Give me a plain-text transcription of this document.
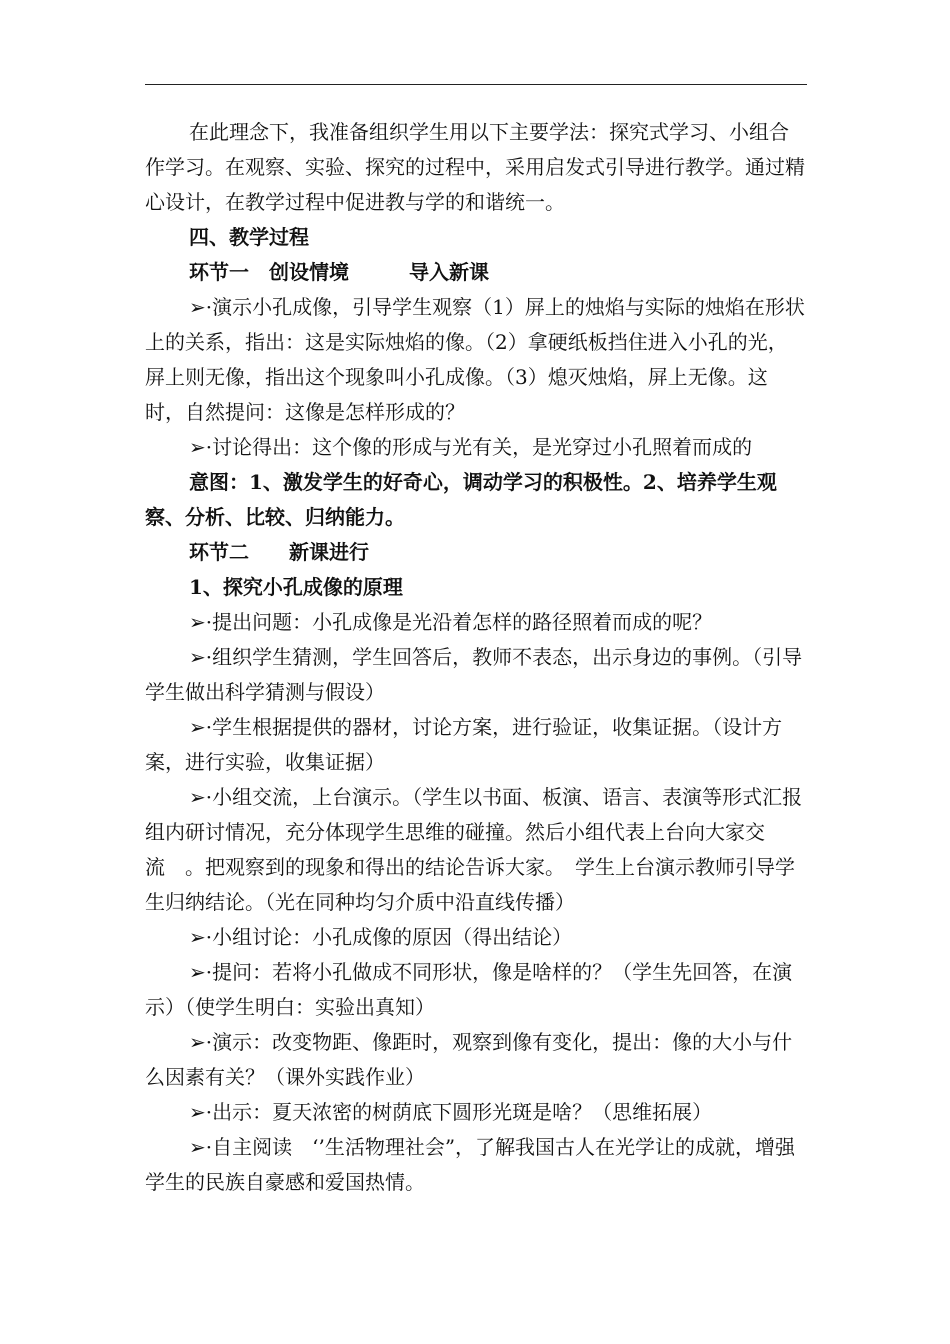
在此理念下，我准备组织学生用以下主要学法：探究式学习、小组合作学习。在观察、实验、探究的过程中，采用启发式引导进行教学。通过精心设计，在教学过程中促进教与学的和谐统一。

四、教学过程

环节一　创设情境　　　导入新课

➢·演示小孔成像，引导学生观察（1）屏上的烛焰与实际的烛焰在形状上的关系，指出：这是实际烛焰的像。（2）拿硬纸板挡住进入小孔的光，屏上则无像，指出这个现象叫小孔成像。（3）熄灭烛焰，屏上无像。这时，自然提问：这像是怎样形成的？

➢·讨论得出：这个像的形成与光有关，是光穿过小孔照着而成的

意图：1、激发学生的好奇心，调动学习的积极性。2、培养学生观察、分析、比较、归纳能力。

环节二　　新课进行

1、探究小孔成像的原理

➢·提出问题：小孔成像是光沿着怎样的路径照着而成的呢？

➢·组织学生猜测，学生回答后，教师不表态，出示身边的事例。（引导学生做出科学猜测与假设）

➢·学生根据提供的器材，讨论方案，进行验证，收集证据。（设计方案，进行实验，收集证据）

➢·小组交流，上台演示。（学生以书面、板演、语言、表演等形式汇报组内研讨情况，充分体现学生思维的碰撞。然后小组代表上台向大家交流　。把观察到的现象和得出的结论告诉大家。　学生上台演示教师引导学生归纳结论。（光在同种均匀介质中沿直线传播）

➢·小组讨论：小孔成像的原因（得出结论）

➢·提问：若将小孔做成不同形状，像是啥样的？（学生先回答，在演示）（使学生明白：实验出真知）

➢·演示：改变物距、像距时，观察到像有变化，提出：像的大小与什么因素有关？（课外实践作业）

➢·出示：夏天浓密的树荫底下圆形光斑是啥？（思维拓展）

➢·自主阅读　‘’生活物理社会”，了解我国古人在光学让的成就，增强学生的民族自豪感和爱国热情。
